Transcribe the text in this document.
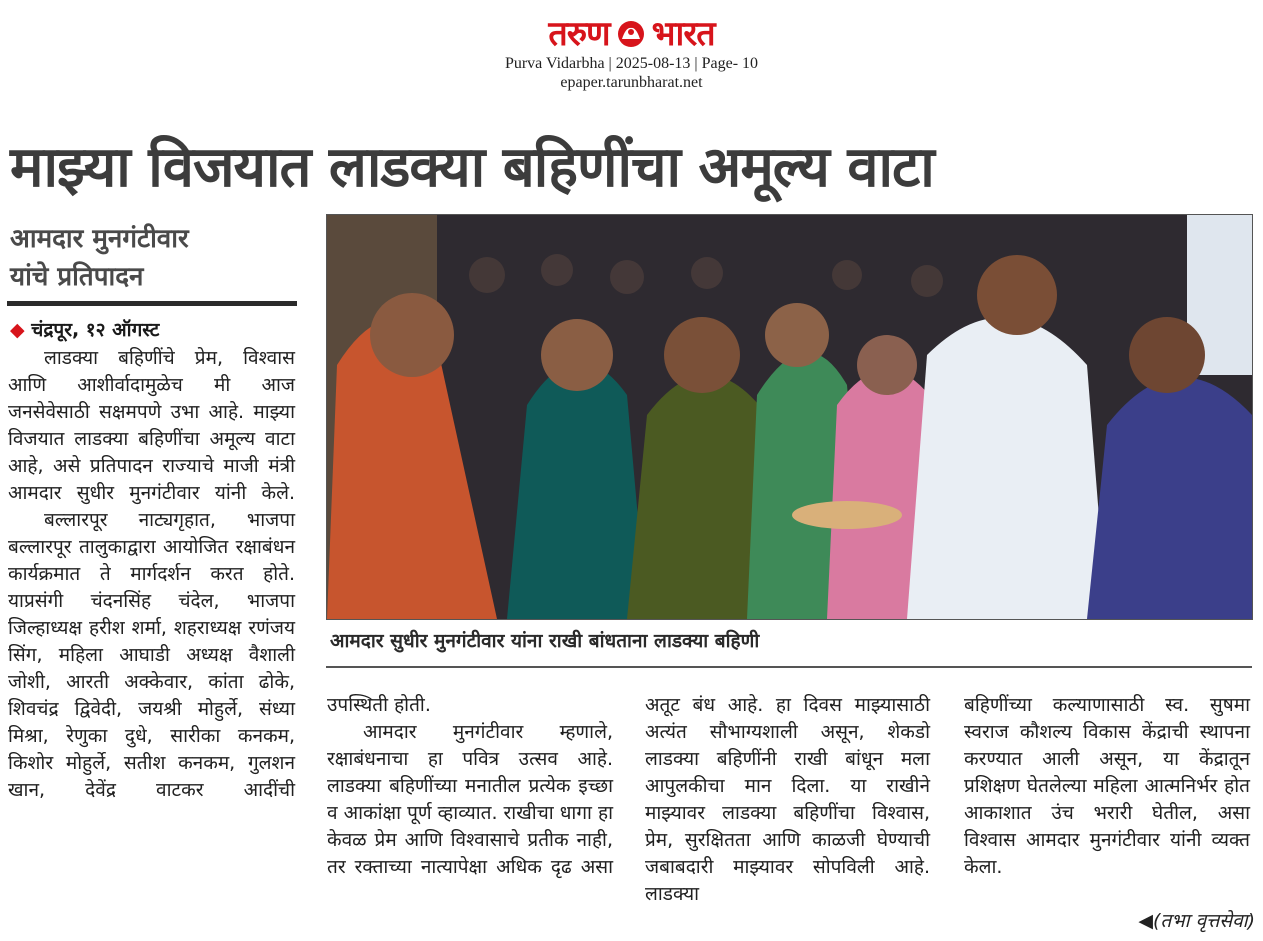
तरुण भारत
Purva Vidarbha | 2025-08-13 | Page- 10
epaper.tarunbharat.net
माझ्या विजयात लाडक्या बहिणींचा अमूल्य वाटा
आमदार मुनगंटीवार
यांचे प्रतिपादन
◆ चंद्रपूर, १२ ऑगस्ट

लाडक्या बहिणींचे प्रेम, विश्वास आणि आशीर्वादामुळेच मी आज जनसेवेसाठी सक्षमपणे उभा आहे. माझ्या विजयात लाडक्या बहिणींचा अमूल्य वाटा आहे, असे प्रतिपादन राज्याचे माजी मंत्री आमदार सुधीर मुनगंटीवार यांनी केले.

बल्लारपूर नाट्यगृहात, भाजपा बल्लारपूर तालुकाद्वारा आयोजित रक्षाबंधन कार्यक्रमात ते मार्गदर्शन करत होते. याप्रसंगी चंदनसिंह चंदेल, भाजपा जिल्हाध्यक्ष हरीश शर्मा, शहराध्यक्ष रणंजय सिंग, महिला आघाडी अध्यक्ष वैशाली जोशी, आरती अक्केवार, कांता ढोके, शिवचंद्र द्विवेदी, जयश्री मोहुर्ले, संध्या मिश्रा, रेणुका दुधे, सारीका कनकम, किशोर मोहुर्ले, सतीश कनकम, गुलशन खान, देवेंद्र वाटकर आदींची

आमदार सुधीर मुनगंटीवार यांना राखी बांधताना लाडक्या बहिणी

उपस्थिती होती.

आमदार मुनगंटीवार म्हणाले, रक्षाबंधनाचा हा पवित्र उत्सव आहे. लाडक्या बहिणींच्या मनातील प्रत्येक इच्छा व आकांक्षा पूर्ण व्हाव्यात. राखीचा धागा हा केवळ प्रेम आणि विश्वासाचे प्रतीक नाही, तर रक्ताच्या नात्यापेक्षा अधिक दृढ असा

अतूट बंध आहे. हा दिवस माझ्यासाठी अत्यंत सौभाग्यशाली असून, शेकडो लाडक्या बहिणींनी राखी बांधून मला आपुलकीचा मान दिला. या राखीने माझ्यावर लाडक्या बहिणींचा विश्वास, प्रेम, सुरक्षितता आणि काळजी घेण्याची जबाबदारी माझ्यावर सोपविली आहे. लाडक्या

बहिणींच्या कल्याणासाठी स्व. सुषमा स्वराज कौशल्य विकास केंद्राची स्थापना करण्यात आली असून, या केंद्रातून प्रशिक्षण घेतलेल्या महिला आत्मनिर्भर होत आकाशात उंच भरारी घेतील, असा विश्वास आमदार मुनगंटीवार यांनी व्यक्त केला.

◀(तभा वृत्तसेवा)
